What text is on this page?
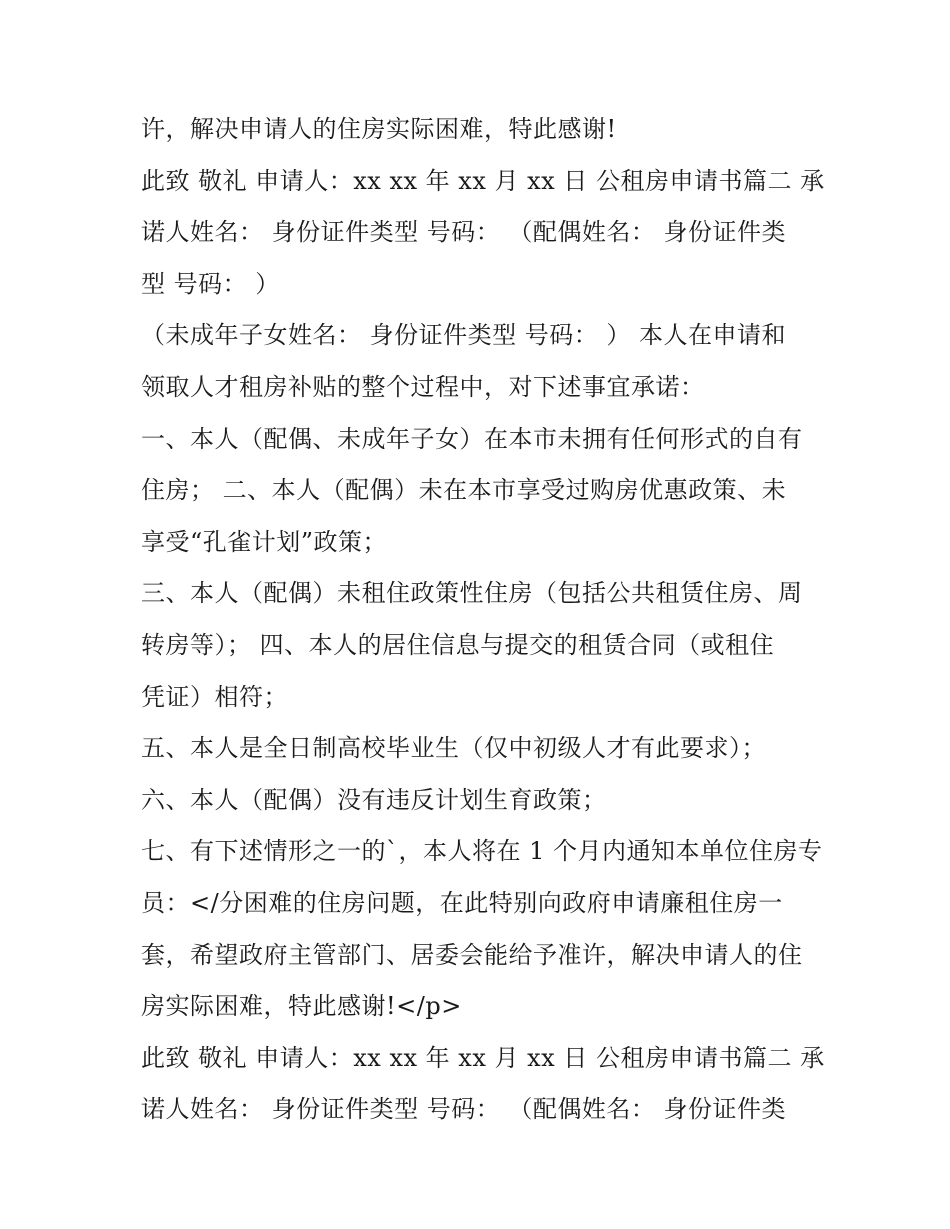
许，解决申请人的住房实际困难，特此感谢!
此致 敬礼 申请人：xx xx 年 xx 月 xx 日 公租房申请书篇二 承
诺人姓名： 身份证件类型 号码： （配偶姓名： 身份证件类
型 号码： ）
（未成年子女姓名： 身份证件类型 号码： ） 本人在申请和
领取人才租房补贴的整个过程中，对下述事宜承诺：
一、本人（配偶、未成年子女）在本市未拥有任何形式的自有
住房； 二、本人（配偶）未在本市享受过购房优惠政策、未
享受“孔雀计划”政策；
三、本人（配偶）未租住政策性住房（包括公共租赁住房、周
转房等）； 四、本人的居住信息与提交的租赁合同（或租住
凭证）相符；
五、本人是全日制高校毕业生（仅中初级人才有此要求）；
六、本人（配偶）没有违反计划生育政策；
七、有下述情形之一的`，本人将在 1 个月内通知本单位住房专
员：</分困难的住房问题，在此特别向政府申请廉租住房一
套，希望政府主管部门、居委会能给予准许，解决申请人的住
房实际困难，特此感谢!</p>
此致 敬礼 申请人：xx xx 年 xx 月 xx 日 公租房申请书篇二 承
诺人姓名： 身份证件类型 号码： （配偶姓名： 身份证件类
